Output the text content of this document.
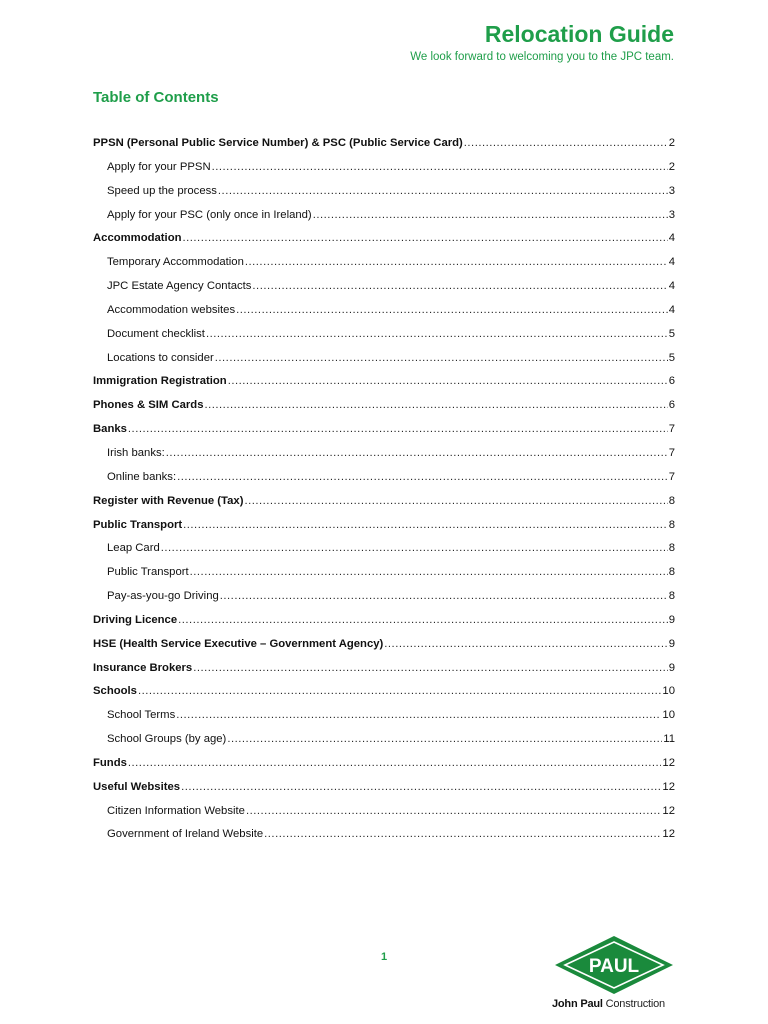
Relocation Guide
We look forward to welcoming you to the JPC team.
Table of Contents
PPSN (Personal Public Service Number) & PSC (Public Service Card) .....	2
Apply for your PPSN .....	2
Speed up the process .....	3
Apply for your PSC (only once in Ireland) .....	3
Accommodation .....	4
Temporary Accommodation .....	4
JPC Estate Agency Contacts .....	4
Accommodation websites .....	4
Document checklist .....	5
Locations to consider .....	5
Immigration Registration .....	6
Phones & SIM Cards .....	6
Banks .....	7
Irish banks: .....	7
Online banks: .....	7
Register with Revenue (Tax) .....	8
Public Transport .....	8
Leap Card .....	8
Public Transport .....	8
Pay-as-you-go Driving .....	8
Driving Licence .....	9
HSE (Health Service Executive – Government Agency) .....	9
Insurance Brokers .....	9
Schools .....	10
School Terms .....	10
School Groups (by age) .....	11
Funds .....	12
Useful Websites .....	12
Citizen Information Website .....	12
Government of Ireland Website .....	12
1	PAUL
John Paul Construction
